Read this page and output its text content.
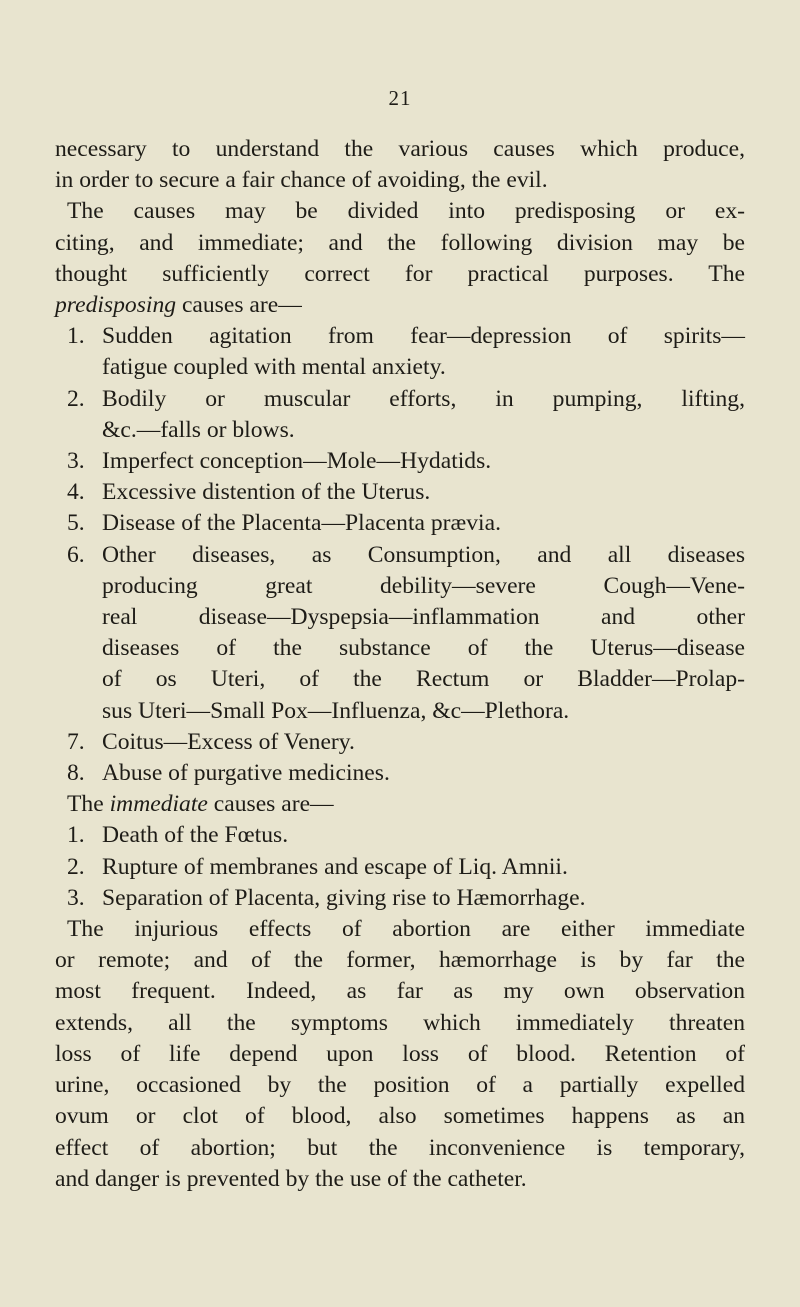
21
necessary to understand the various causes which produce,
in order to secure a fair chance of avoiding, the evil.
The causes may be divided into predisposing or ex-
citing, and immediate; and the following division may be
thought sufficiently correct for practical purposes. The
predisposing causes are—
1. Sudden agitation from fear—depression of spirits—
fatigue coupled with mental anxiety.
2. Bodily or muscular efforts, in pumping, lifting,
&c.—falls or blows.
3. Imperfect conception—Mole—Hydatids.
4. Excessive distention of the Uterus.
5. Disease of the Placenta—Placenta prævia.
6. Other diseases, as Consumption, and all diseases
producing great debility—severe Cough—Vene-
real disease—Dyspepsia—inflammation and other
diseases of the substance of the Uterus—disease
of os Uteri, of the Rectum or Bladder—Prolap-
sus Uteri—Small Pox—Influenza, &c—Plethora.
7. Coitus—Excess of Venery.
8. Abuse of purgative medicines.
The immediate causes are—
1. Death of the Fœtus.
2. Rupture of membranes and escape of Liq. Amnii.
3. Separation of Placenta, giving rise to Hæmorrhage.
The injurious effects of abortion are either immediate
or remote; and of the former, hæmorrhage is by far the
most frequent. Indeed, as far as my own observation
extends, all the symptoms which immediately threaten
loss of life depend upon loss of blood. Retention of
urine, occasioned by the position of a partially expelled
ovum or clot of blood, also sometimes happens as an
effect of abortion; but the inconvenience is temporary,
and danger is prevented by the use of the catheter.
